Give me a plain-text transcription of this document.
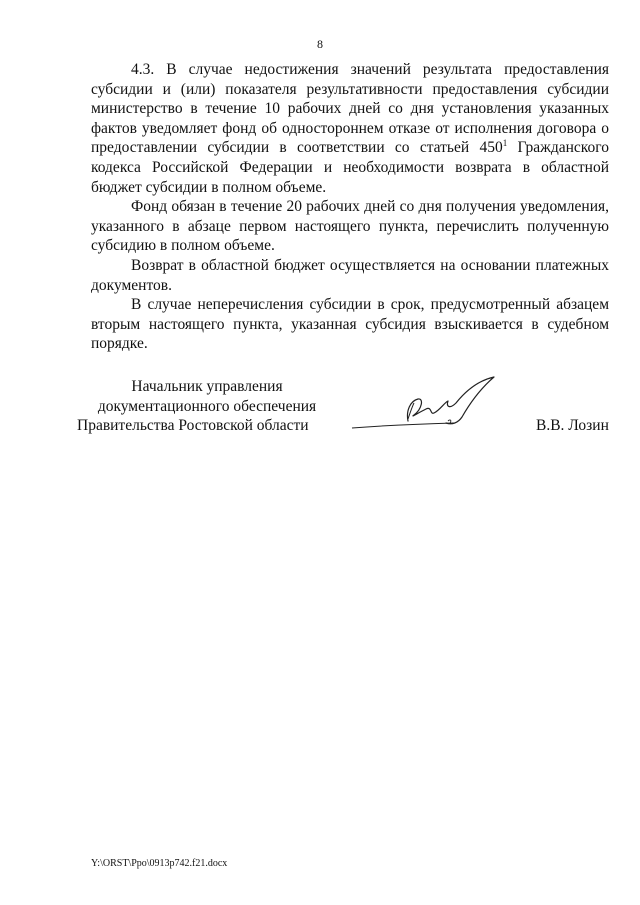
8

4.3. В случае недостижения значений результата предоставления субсидии и (или) показателя результативности предоставления субсидии министерство в течение 10 рабочих дней со дня установления указанных фактов уведомляет фонд об одностороннем отказе от исполнения договора о предоставлении субсидии в соответствии со статьей $450^1$ Гражданского кодекса Российской Федерации и необходимости возврата в областной бюджет субсидии в полном объеме.

Фонд обязан в течение 20 рабочих дней со дня получения уведомления, указанного в абзаце первом настоящего пункта, перечислить полученную субсидию в полном объеме.

Возврат в областной бюджет осуществляется на основании платежных документов.

В случае неперечисления субсидии в срок, предусмотренный абзацем вторым настоящего пункта, указанная субсидия взыскивается в судебном порядке.

Начальник управления
документационного обеспечения
Правительства Ростовской области	В.В. Лозин
Y:\ORST\Ppo\0913p742.f21.docx
